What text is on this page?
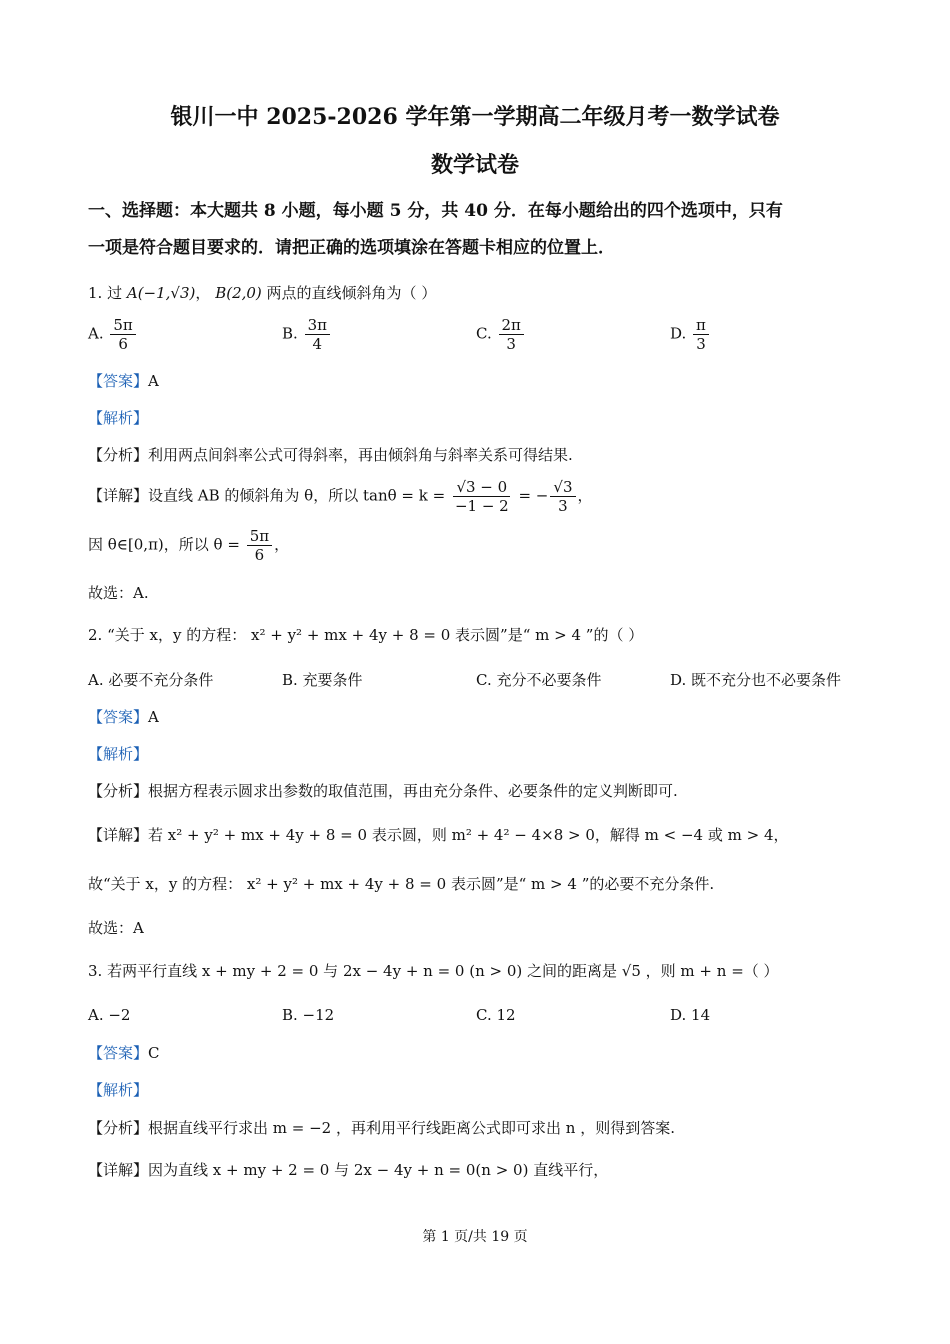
银川一中 2025-2026 学年第一学期高二年级月考一数学试卷
数学试卷
一、选择题：本大题共 8 小题，每小题 5 分，共 40 分．在每小题给出的四个选项中，只有
一项是符合题目要求的．请把正确的选项填涂在答题卡相应的位置上．
1. 过 A(−1,√3)， B(2,0) 两点的直线倾斜角为（ ）
A. $\frac{5\pi}{6}$	B. $\frac{3\pi}{4}$	C. $\frac{2\pi}{3}$	D. $\frac{\pi}{3}$
【答案】A
【解析】
【分析】利用两点间斜率公式可得斜率，再由倾斜角与斜率关系可得结果.
【详解】设直线 AB 的倾斜角为 θ，所以 $\tan\theta = k = \frac{√3 - 0}{-1 - 2}$ = − $\frac{√3}{3}$ ，
因 θ∈[0,π)，所以 $\theta = \frac{5\pi}{6}$ ，
故选：A.
2. “关于 x，y 的方程： x² + y² + mx + 4y + 8 = 0 表示圆”是“ m > 4 ”的（ ）
A. 必要不充分条件	B. 充要条件	C. 充分不必要条件	D. 既不充分也不必要条件
【答案】A
【解析】
【分析】根据方程表示圆求出参数的取值范围，再由充分条件、必要条件的定义判断即可.
【详解】若 x² + y² + mx + 4y + 8 = 0 表示圆，则 m² + 4² − 4×8 > 0，解得 m < −4 或 m > 4，
故“关于 x，y 的方程： x² + y² + mx + 4y + 8 = 0 表示圆”是“ m > 4 ”的必要不充分条件.
故选：A
3. 若两平行直线 x + my + 2 = 0 与 2x − 4y + n = 0 (n > 0) 之间的距离是 √5 ，则 m + n =（ ）
A. −2	B. −12	C. 12	D. 14
【答案】C
【解析】
【分析】根据直线平行求出 m = −2 ，再利用平行线距离公式即可求出 n ，则得到答案.
【详解】因为直线 x + my + 2 = 0 与 2x − 4y + n = 0(n > 0) 直线平行，
第 1 页/共 19 页
